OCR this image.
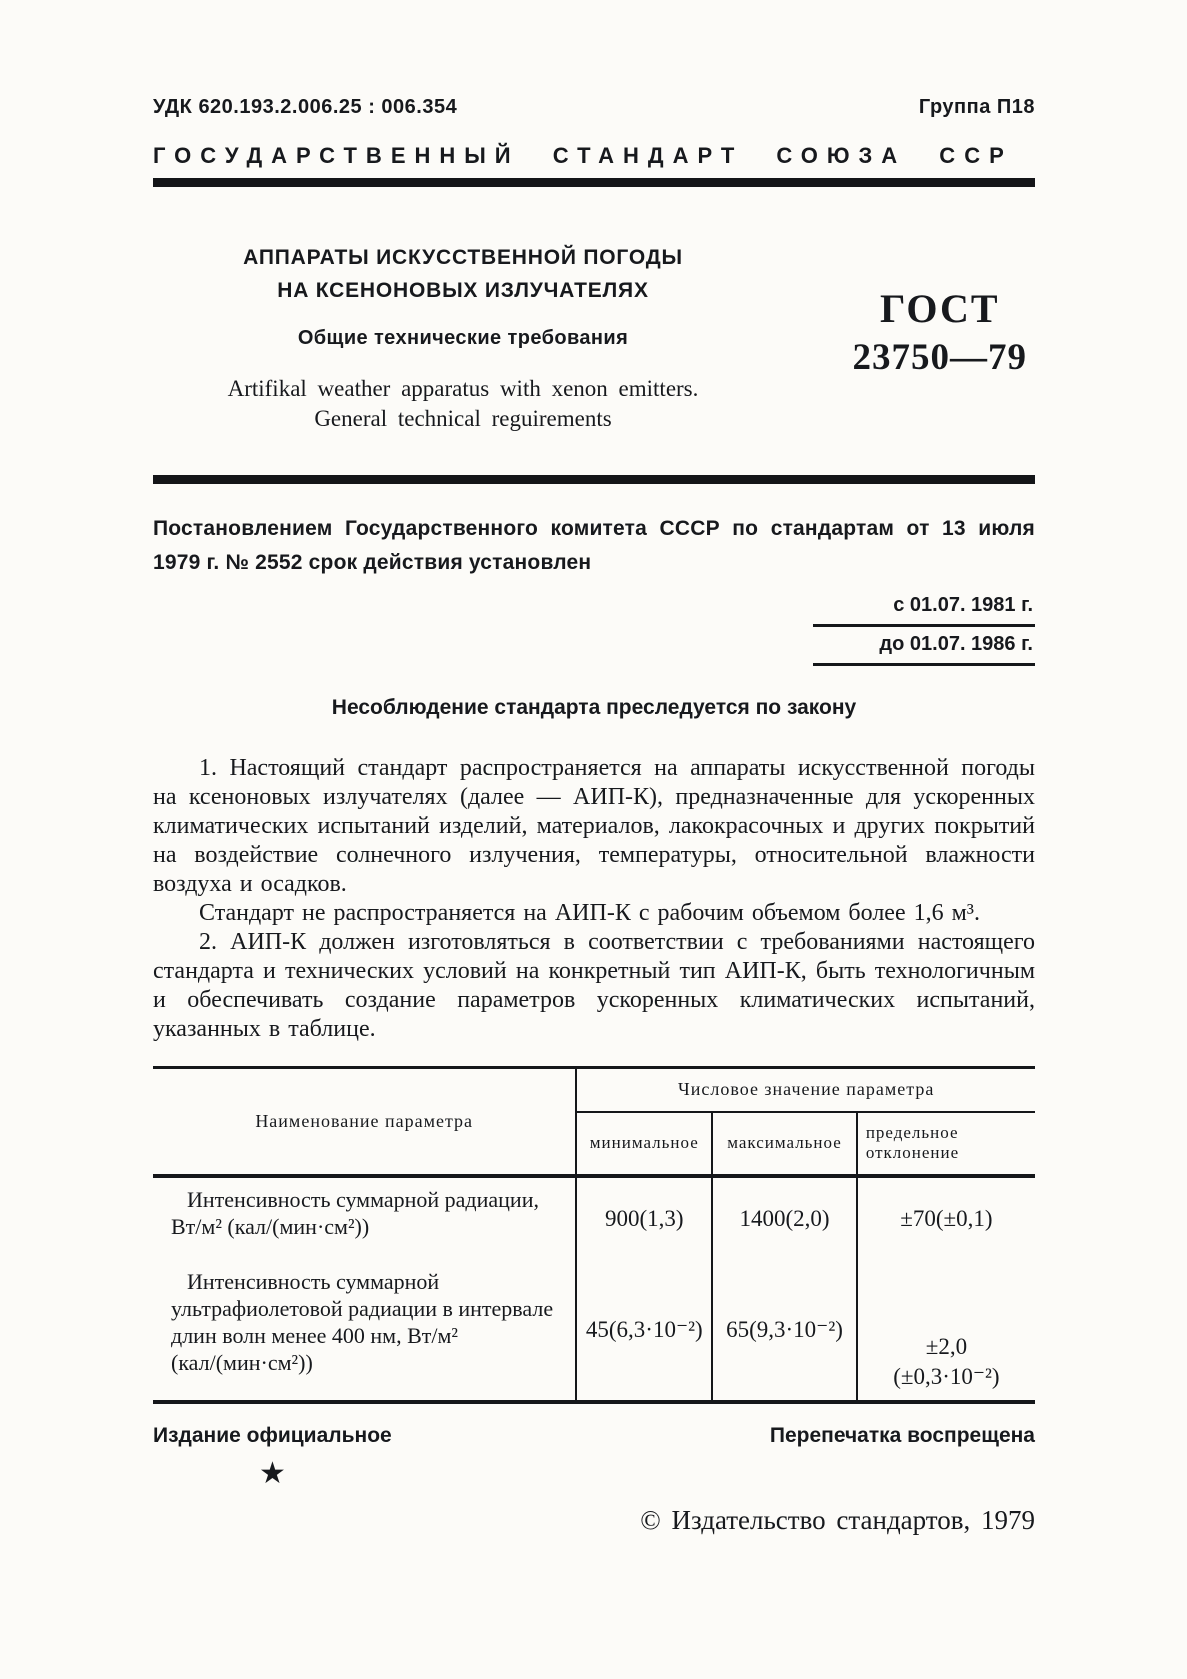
УДК 620.193.2.006.25 : 006.354	Группа П18
ГОСУДАРСТВЕННЫЙ СТАНДАРТ СОЮЗА ССР
АППАРАТЫ ИСКУССТВЕННОЙ ПОГОДЫ
НА КСЕНОНОВЫХ ИЗЛУЧАТЕЛЯХ
Общие технические требования
Artifikal weather apparatus with xenon emitters.
General technical reguirements
ГОСТ
23750—79
Постановлением Государственного комитета СССР по стандартам от 13 июля 1979 г. № 2552 срок действия установлен
с 01.07. 1981 г.
до 01.07. 1986 г.
Несоблюдение стандарта преследуется по закону

1. Настоящий стандарт распространяется на аппараты искусственной погоды на ксеноновых излучателях (далее — АИП-К), предназначенные для ускоренных климатических испытаний изделий, материалов, лакокрасочных и других покрытий на воздействие солнечного излучения, температуры, относительной влажности воздуха и осадков.

Стандарт не распространяется на АИП-К с рабочим объемом более 1,6 м³.

2. АИП-К должен изготовляться в соответствии с требованиями настоящего стандарта и технических условий на конкретный тип АИП-К, быть технологичным и обеспечивать создание параметров ускоренных климатических испытаний, указанных в таблице.

Наименование параметра	Числовое значение параметра		
	минимальное	максимальное	предельное отклонение
Интенсивность суммарной радиации, Вт/м² (кал/(мин·см²))	900(1,3)	1400(2,0)	±70(±0,1)
Интенсивность суммарной ультрафиолетовой радиации в интервале длин волн менее 400 нм, Вт/м² (кал/(мин·см²))	45(6,3·10⁻²)	65(9,3·10⁻²)	±2,0
(±0,3·10⁻²)
Издание официальное	Перепечатка воспрещена
★
© Издательство стандартов, 1979
